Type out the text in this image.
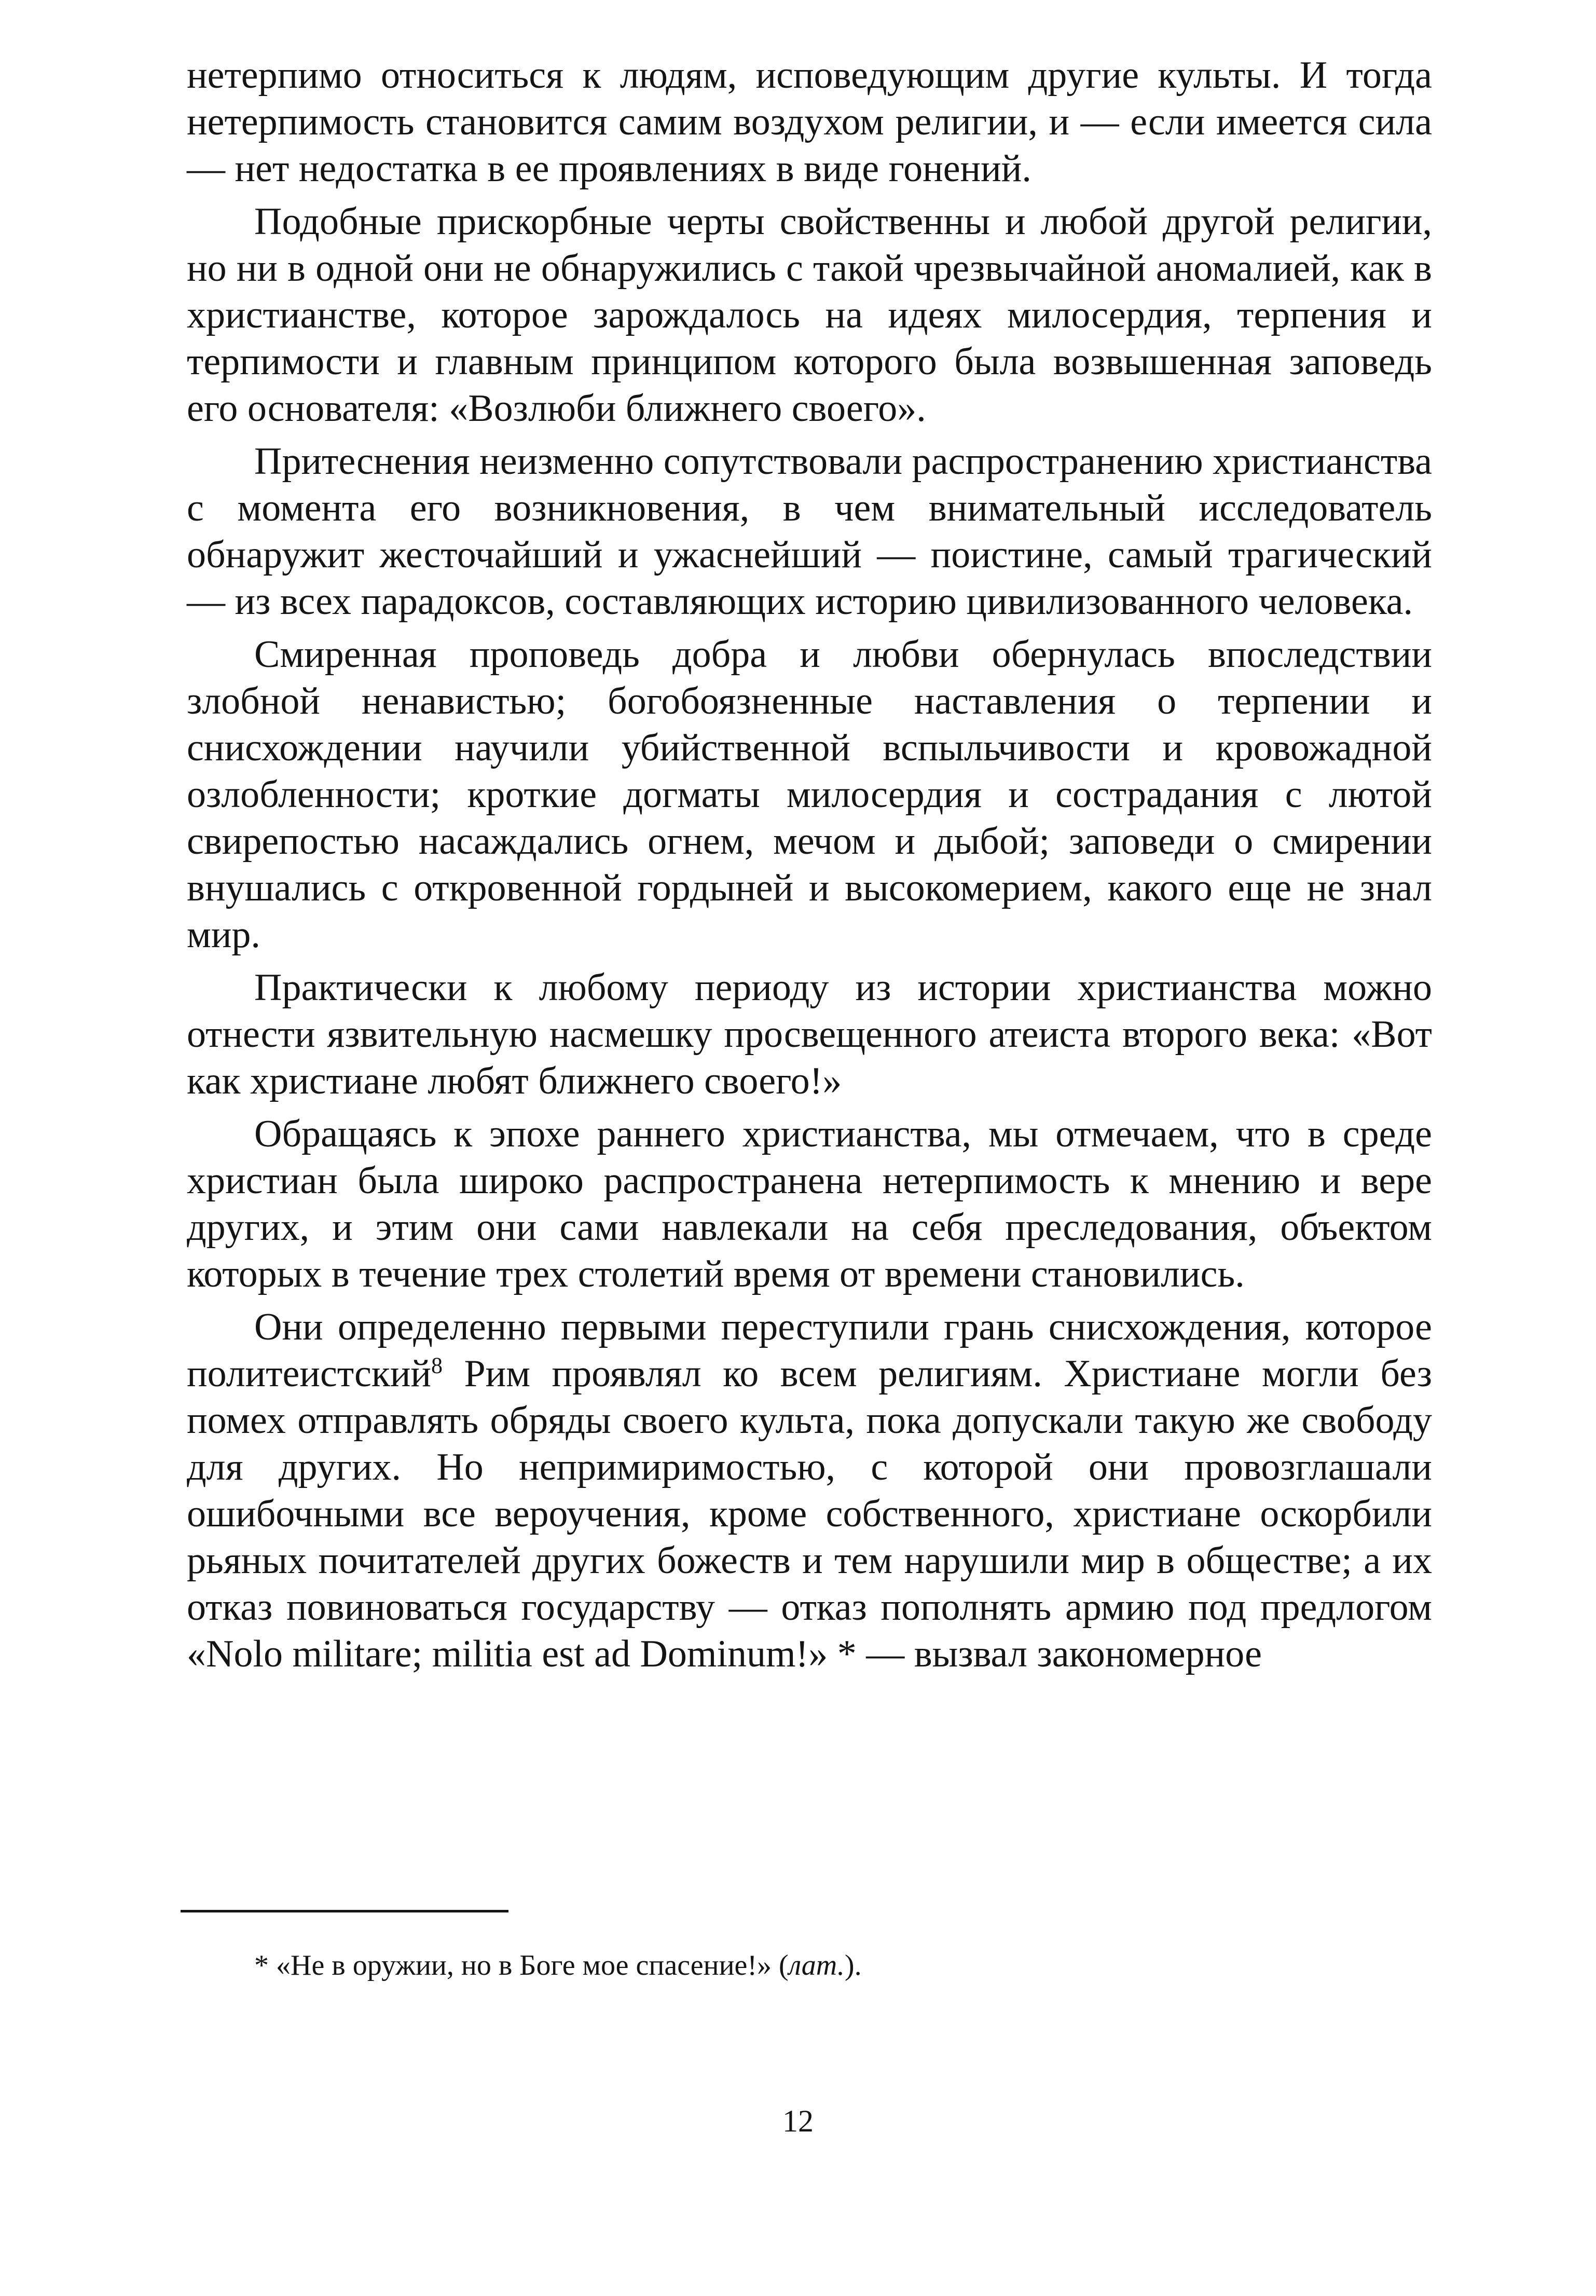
нетерпимо относиться к людям, исповедующим другие культы. И тогда нетерпимость становится самим воздухом религии, и — если имеется сила — нет недостатка в ее проявлениях в виде гонений.

Подобные прискорбные черты свойственны и любой другой религии, но ни в одной они не обнаружились с такой чрезвычайной аномалией, как в христианстве, которое зарождалось на идеях милосердия, терпения и терпимости и главным принципом которого была возвышенная заповедь его основателя: «Возлюби ближнего своего».

Притеснения неизменно сопутствовали распространению христианства с момента его возникновения, в чем внимательный исследователь обнаружит жесточайший и ужаснейший — поистине, самый трагический — из всех парадоксов, составляющих историю цивилизованного человека.

Смиренная проповедь добра и любви обернулась впоследствии злобной ненавистью; богобоязненные наставления о терпении и снисхождении научили убийственной вспыльчивости и кровожадной озлобленности; кроткие догматы милосердия и сострадания с лютой свирепостью насаждались огнем, мечом и дыбой; заповеди о смирении внушались с откровенной гордыней и высокомерием, какого еще не знал мир.

Практически к любому периоду из истории христианства можно отнести язвительную насмешку просвещенного атеиста второго века: «Вот как христиане любят ближнего своего!»

Обращаясь к эпохе раннего христианства, мы отмечаем, что в среде христиан была широко распространена нетерпимость к мнению и вере других, и этим они сами навлекали на себя преследования, объектом которых в течение трех столетий время от времени становились.

Они определенно первыми переступили грань снисхождения, которое политеистский$^8$ Рим проявлял ко всем религиям. Христиане могли без помех отправлять обряды своего культа, пока допускали такую же свободу для других. Но непримиримостью, с которой они провозглашали ошибочными все вероучения, кроме собственного, христиане оскорбили рьяных почитателей других божеств и тем нарушили мир в обществе; а их отказ повиноваться государству — отказ пополнять армию под предлогом «Nolo militare; militia est ad Dominum!» * — вызвал закономерное

* «Не в оружии, но в Боге мое спасение!» (лат.).
12
